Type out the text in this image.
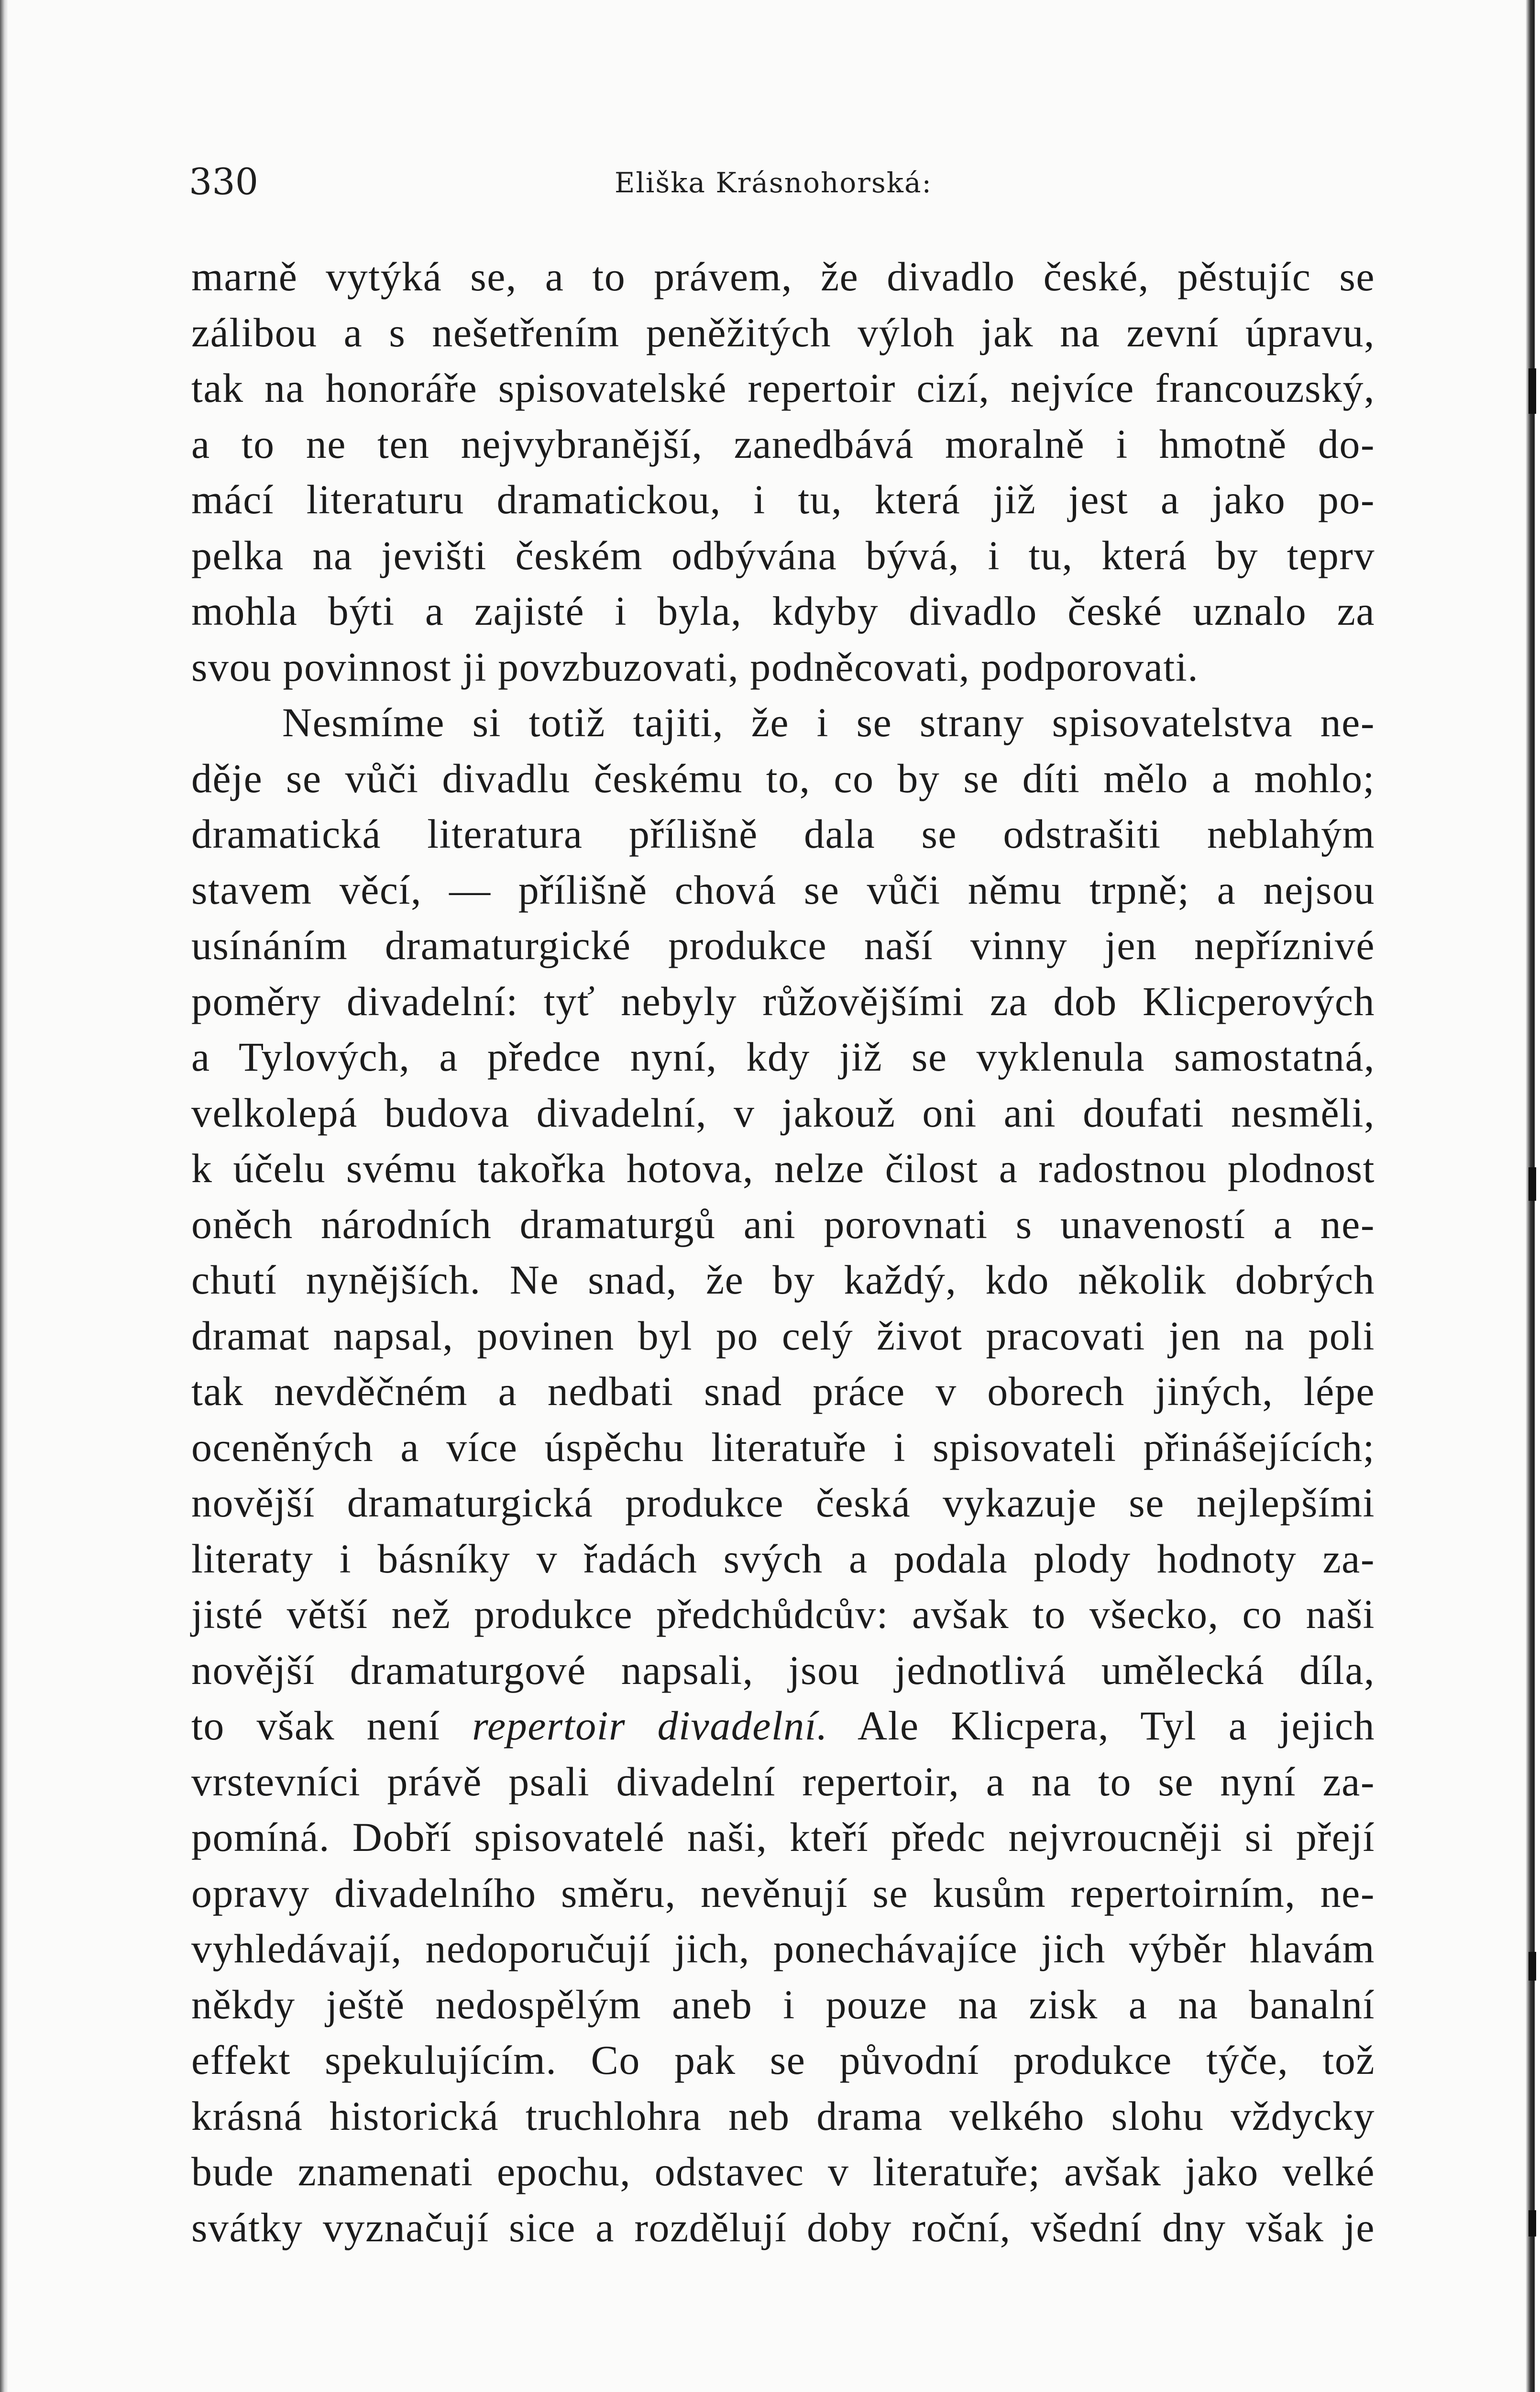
330	Eliška Krásnohorská:
marně vytýká se, a to právem, že divadlo české, pěstujíc se
zálibou a s nešetřením peněžitých výloh jak na zevní úpravu,
tak na honoráře spisovatelské repertoir cizí, nejvíce francouzský,
a to ne ten nejvybranější, zanedbává moralně i hmotně do-
mácí literaturu dramatickou, i tu, která již jest a jako po-
pelka na jevišti českém odbývána bývá, i tu, která by teprv
mohla býti a zajisté i byla, kdyby divadlo české uznalo za
svou povinnost ji povzbuzovati, podněcovati, podporovati.
Nesmíme si totiž tajiti, že i se strany spisovatelstva ne-
děje se vůči divadlu českému to, co by se díti mělo a mohlo;
dramatická literatura přílišně dala se odstrašiti neblahým
stavem věcí, — přílišně chová se vůči němu trpně; a nejsou
usínáním dramaturgické produkce naší vinny jen nepříznivé
poměry divadelní: tyť nebyly růžovějšími za dob Klicperových
a Tylových, a předce nyní, kdy již se vyklenula samostatná,
velkolepá budova divadelní, v jakouž oni ani doufati nesměli,
k účelu svému takořka hotova, nelze čilost a radostnou plodnost
oněch národních dramaturgů ani porovnati s unaveností a ne-
chutí nynějších. Ne snad, že by každý, kdo několik dobrých
dramat napsal, povinen byl po celý život pracovati jen na poli
tak nevděčném a nedbati snad práce v oborech jiných, lépe
oceněných a více úspěchu literatuře i spisovateli přinášejících;
novější dramaturgická produkce česká vykazuje se nejlepšími
literaty i básníky v řadách svých a podala plody hodnoty za-
jisté větší než produkce předchůdcův: avšak to všecko, co naši
novější dramaturgové napsali, jsou jednotlivá umělecká díla,
to však není repertoir divadelní. Ale Klicpera, Tyl a jejich
vrstevníci právě psali divadelní repertoir, a na to se nyní za-
pomíná. Dobří spisovatelé naši, kteří předc nejvroucněji si přejí
opravy divadelního směru, nevěnují se kusům repertoirním, ne-
vyhledávají, nedoporučují jich, ponechávajíce jich výběr hlavám
někdy ještě nedospělým aneb i pouze na zisk a na banalní
effekt spekulujícím. Co pak se původní produkce týče, tož
krásná historická truchlohra neb drama velkého slohu vždycky
bude znamenati epochu, odstavec v literatuře; avšak jako velké
svátky vyznačují sice a rozdělují doby roční, všední dny však je
